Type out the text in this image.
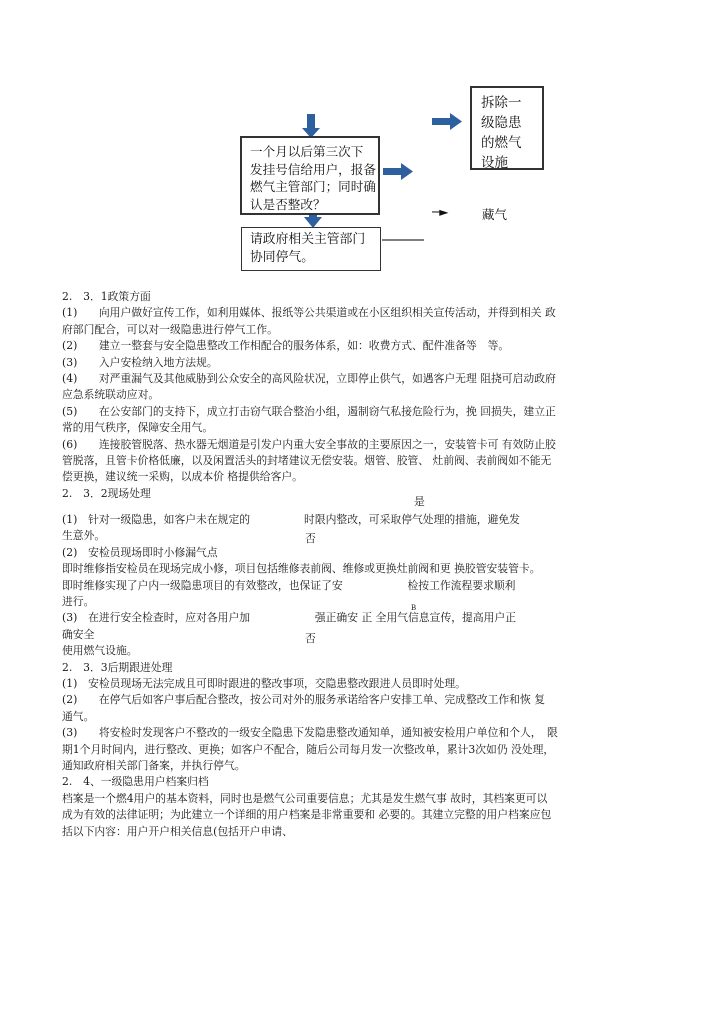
拆除一
级隐患
的燃气
设施
一个月以后第三次下
发挂号信给用户，报备
燃气主管部门；同时确
认是否整改？
─►	藏气
请政府相关主管部门
协同停气。
2.　3．1政策方面
(1)　　向用户做好宣传工作，如利用媒体、报纸等公共渠道或在小区组织相关宣传活动，并得到相关 政
府部门配合，可以对一级隐患进行停气工作。
(2)　　建立一整套与安全隐患整改工作相配合的服务体系，如：收费方式、配件准备等　等。
(3)　　入户安检纳入地方法规。
(4)　　对严重漏气及其他威胁到公众安全的高风险状况，立即停止供气，如遇客户无理 阻挠可启动政府
应急系统联动应对。
(5)　　在公安部门的支持下，成立打击窃气联合整治小组，遏制窃气私接危险行为，挽 回损失，建立正
常的用气秩序，保障安全用气。
(6)　　连接胶管脱落、热水器无烟道是引发户内重大安全事故的主要原因之一，安装管卡可 有效防止胶
管脱落，且管卡价格低廉，以及闲置活头的封堵建议无偿安装。烟管、胶管、 灶前阀、表前阀如不能无
偿更换，建议统一采购，以成本价 格提供给客户。
2.　3．2现场处理
(1)　针对一级隐患，如客户未在规定的　　　　　时限内整改，可采取停气处理的措施，避免发
生意外。
(2)　安检员现场即时小修漏气点
即时维修指安检员在现场完成小修，项目包括维修表前阀、维修或更换灶前阀和更 换胶管安装管卡。
即时维修实现了户内一级隐患项目的有效整改，也保证了安　　　　　　检按工作流程要求顺利
进行。
(3)　在进行安全检查时，应对各用户加　　　　　　强正确安 正 全用气信息宣传，提高用户正
确安全
使用燃气设施。
2.　3．3后期跟进处理
(1)　安检员现场无法完成且可即时跟进的整改事项，交隐患整改跟进人员即时处理。
(2)　　在停气后如客户事后配合整改，按公司对外的服务承诺给客户安排工单、完成整改工作和恢 复
通气。
(3)　　将安检时发现客户不整改的一级安全隐患下发隐患整改通知单，通知被安检用户单位和个人，　限
期1个月时间内，进行整改、更换；如客户不配合，随后公司每月发一次整改单，累计3次如仍 没处理，
通知政府相关部门备案，并执行停气。
2.　4、一级隐患用户档案归档
档案是一个燃4用户的基本资料，同时也是燃气公司重要信息；尤其是发生燃气事 故时，其档案更可以
成为有效的法律证明；为此建立一个详细的用户档案是非常重要和 必要的。其建立完整的用户档案应包
括以下内容：用户开户相关信息(包括开户申请、
是
否
B
否
